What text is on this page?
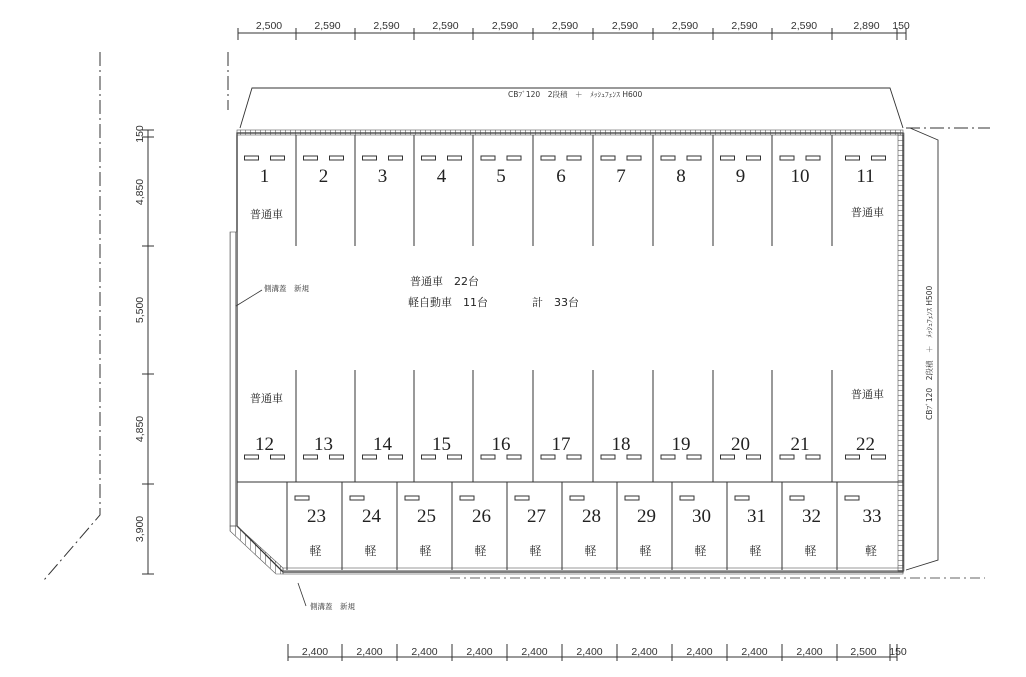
1
12
2
13
3
14
4
15
5
16
6
17
7
18
8
19
9
20
10
21
11
22
23
軽
24
軽
25
軽
26
軽
27
軽
28
軽
29
軽
30
軽
31
軽
32
軽
33
軽
2,500	2,590	2,590	2,590	2,590	2,590	2,590	2,590	2,590	2,590	2,890 150
2,400	2,400	2,400	2,400	2,400	2,400	2,400	2,400	2,400	2,400	2,500 150
150
4,850
5,500
4,850
3,900
CBﾌﾞ120　2段積　＋　ﾒｯｼｭﾌｪﾝｽ H600
CBﾌﾞ120　2段積　＋　ﾒｯｼｭﾌｪﾝｽ H500
側溝蓋　新規
側溝蓋　新規
普通車　22台
軽自動車　11台	計　33台
普通車	普通車
普通車	普通車
